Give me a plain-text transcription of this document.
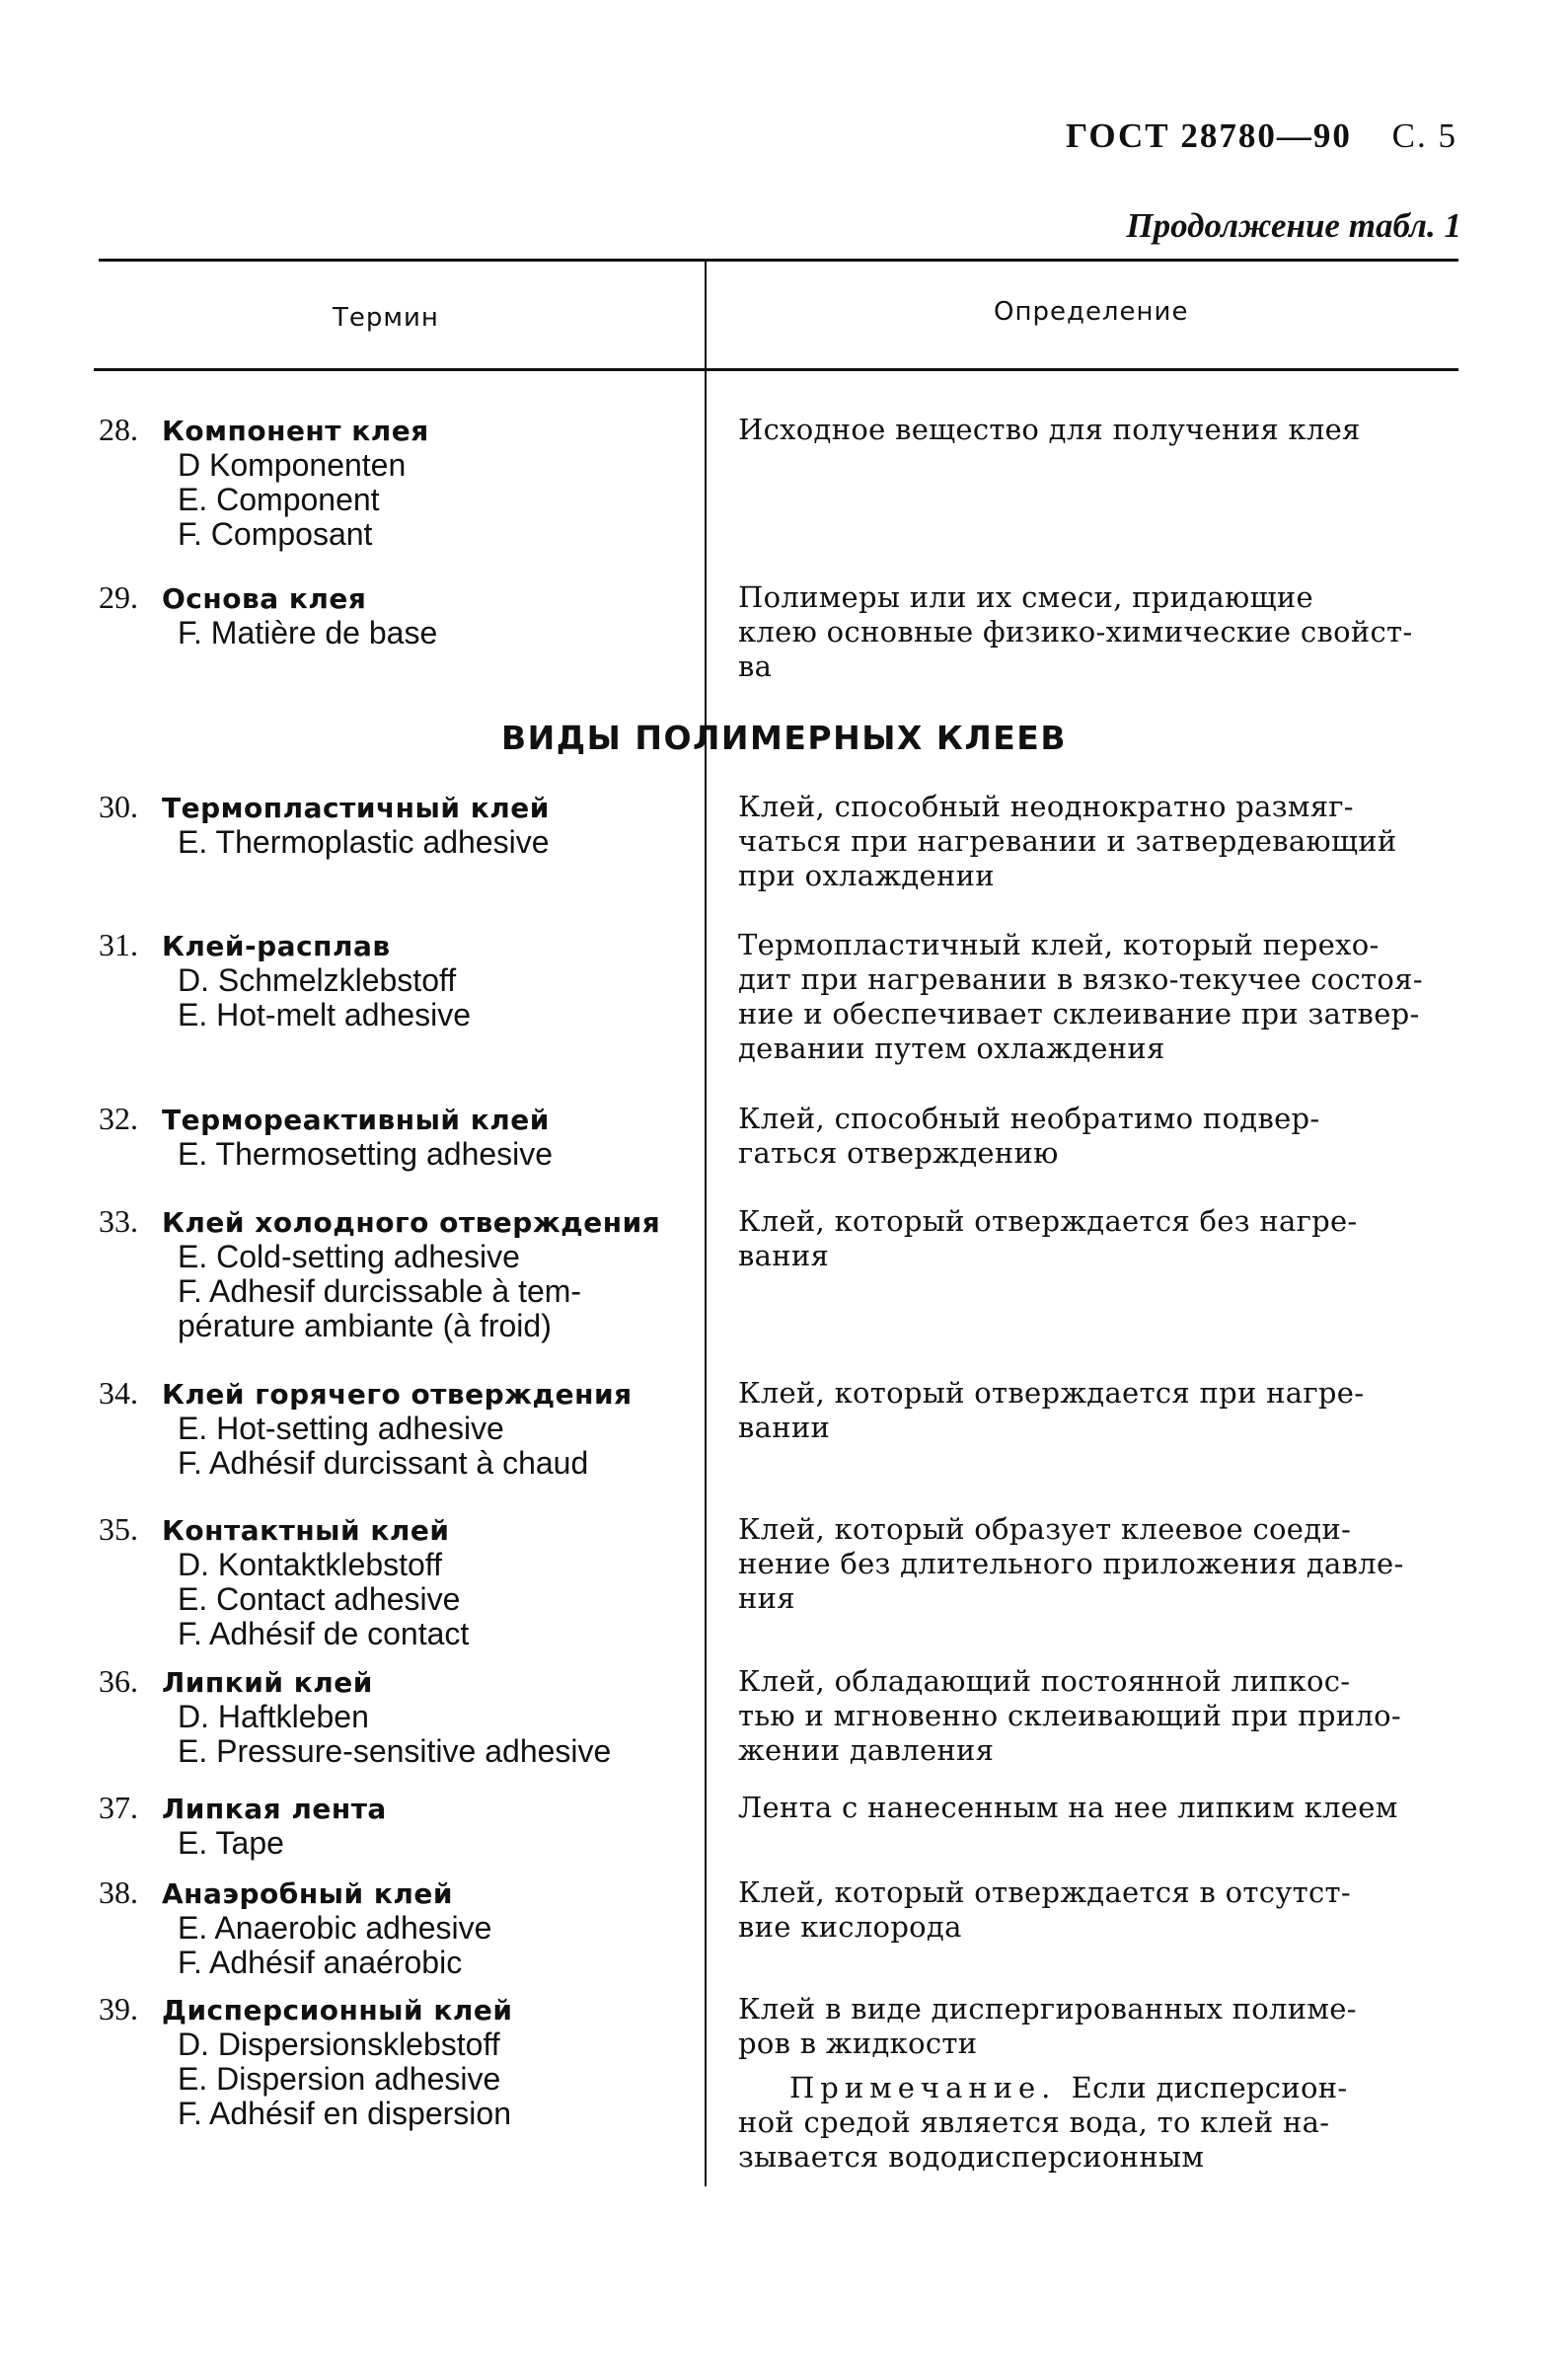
ГОСТ 28780—90 С. 5
Продолжение табл. 1
Термин	Определение
ВИДЫ ПОЛИМЕРНЫХ КЛЕЕВ
28. Компонент клея
D Komponenten
E. Component
F. Composant
Исходное вещество для получения клея
29. Основа клея
F. Matière de base
Полимеры или их смеси, придающие
клею основные физико-химические свойст-
ва
30. Термопластичный клей
E. Thermoplastic adhesive
Клей, способный неоднократно размяг-
чаться при нагревании и затвердевающий
при охлаждении
31. Клей-расплав
D. Schmelzklebstoff
E. Hot-melt adhesive
Термопластичный клей, который перехо-
дит при нагревании в вязко-текучее состоя-
ние и обеспечивает склеивание при затвер-
девании путем охлаждения
32. Термореактивный клей
E. Thermosetting adhesive
Клей, способный необратимо подвер-
гаться отверждению
33. Клей холодного отверждения
E. Cold-setting adhesive
F. Adhesif durcissable à tem-
pérature ambiante (à froid)
Клей, который отверждается без нагре-
вания
34. Клей горячего отверждения
E. Hot-setting adhesive
F. Adhésif durcissant à chaud
Клей, который отверждается при нагре-
вании
35. Контактный клей
D. Kontaktklebstoff
E. Contact adhesive
F. Adhésif de contact
Клей, который образует клеевое соеди-
нение без длительного приложения давле-
ния
36. Липкий клей
D. Haftkleben
E. Pressure-sensitive adhesive
Клей, обладающий постоянной липкос-
тью и мгновенно склеивающий при прило-
жении давления
37. Липкая лента
E. Tape
Лента с нанесенным на нее липким клеем
38. Анаэробный клей
E. Anaerobic adhesive
F. Adhésif anaérobic
Клей, который отверждается в отсутст-
вие кислорода
39. Дисперсионный клей
D. Dispersionsklebstoff
E. Dispersion adhesive
F. Adhésif en dispersion
Клей в виде диспергированных полиме-
ров в жидкости
Примечание. Если дисперсион-
ной средой является вода, то клей на-
зывается вододисперсионным
